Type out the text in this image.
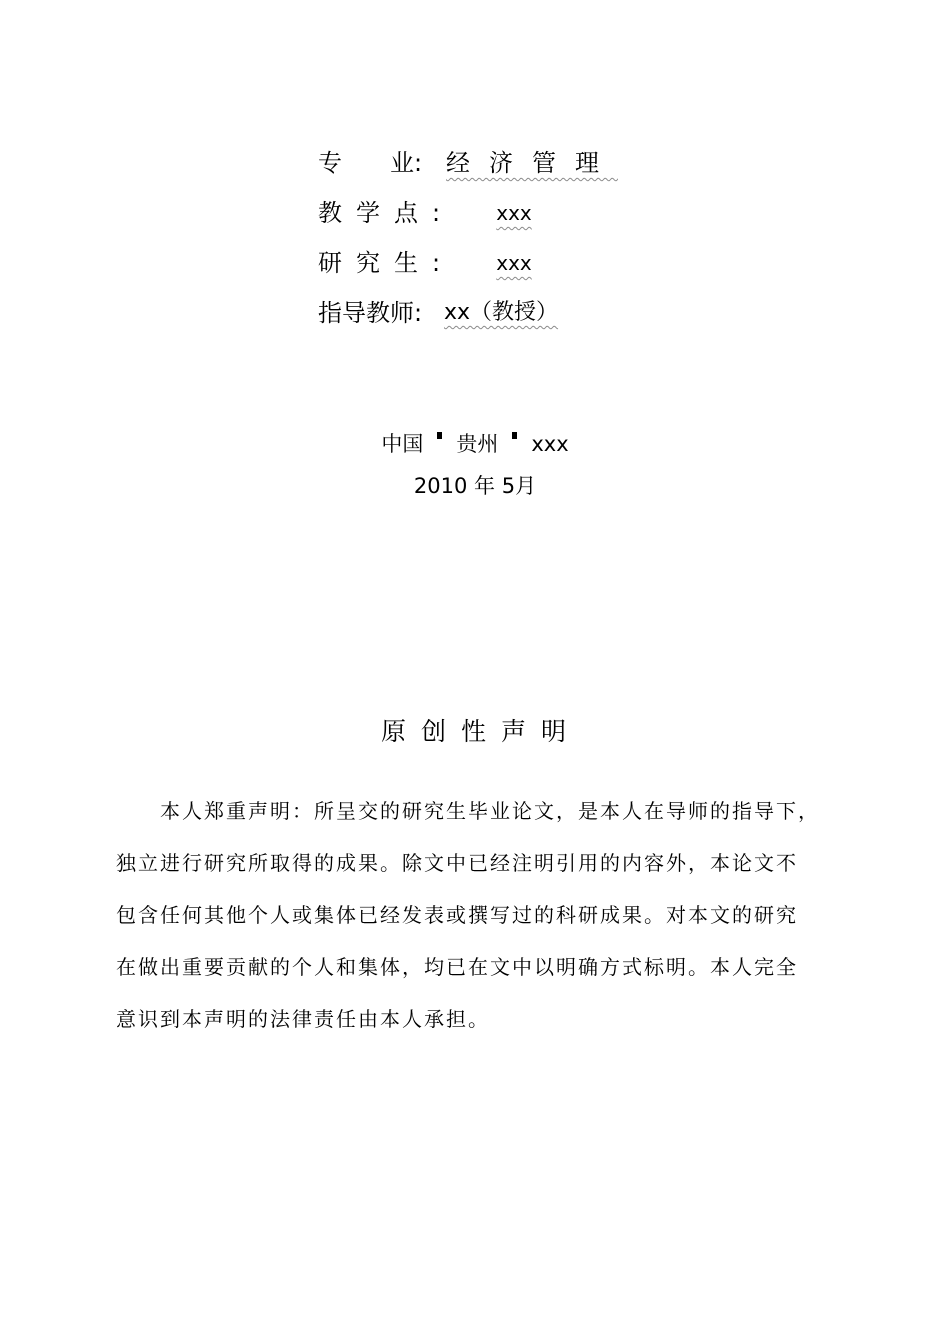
专　　业: 经济管理
教学点:	xxx
研究生:	xxx
指导教师: xx（教授）
中国 贵州 xxx
2010 年 5月
原创性声明
本人郑重声明：所呈交的研究生毕业论文，是本人在导师的指导下，
独立进行研究所取得的成果。除文中已经注明引用的内容外，本论文不
包含任何其他个人或集体已经发表或撰写过的科研成果。对本文的研究
在做出重要贡献的个人和集体，均已在文中以明确方式标明。本人完全
意识到本声明的法律责任由本人承担。
